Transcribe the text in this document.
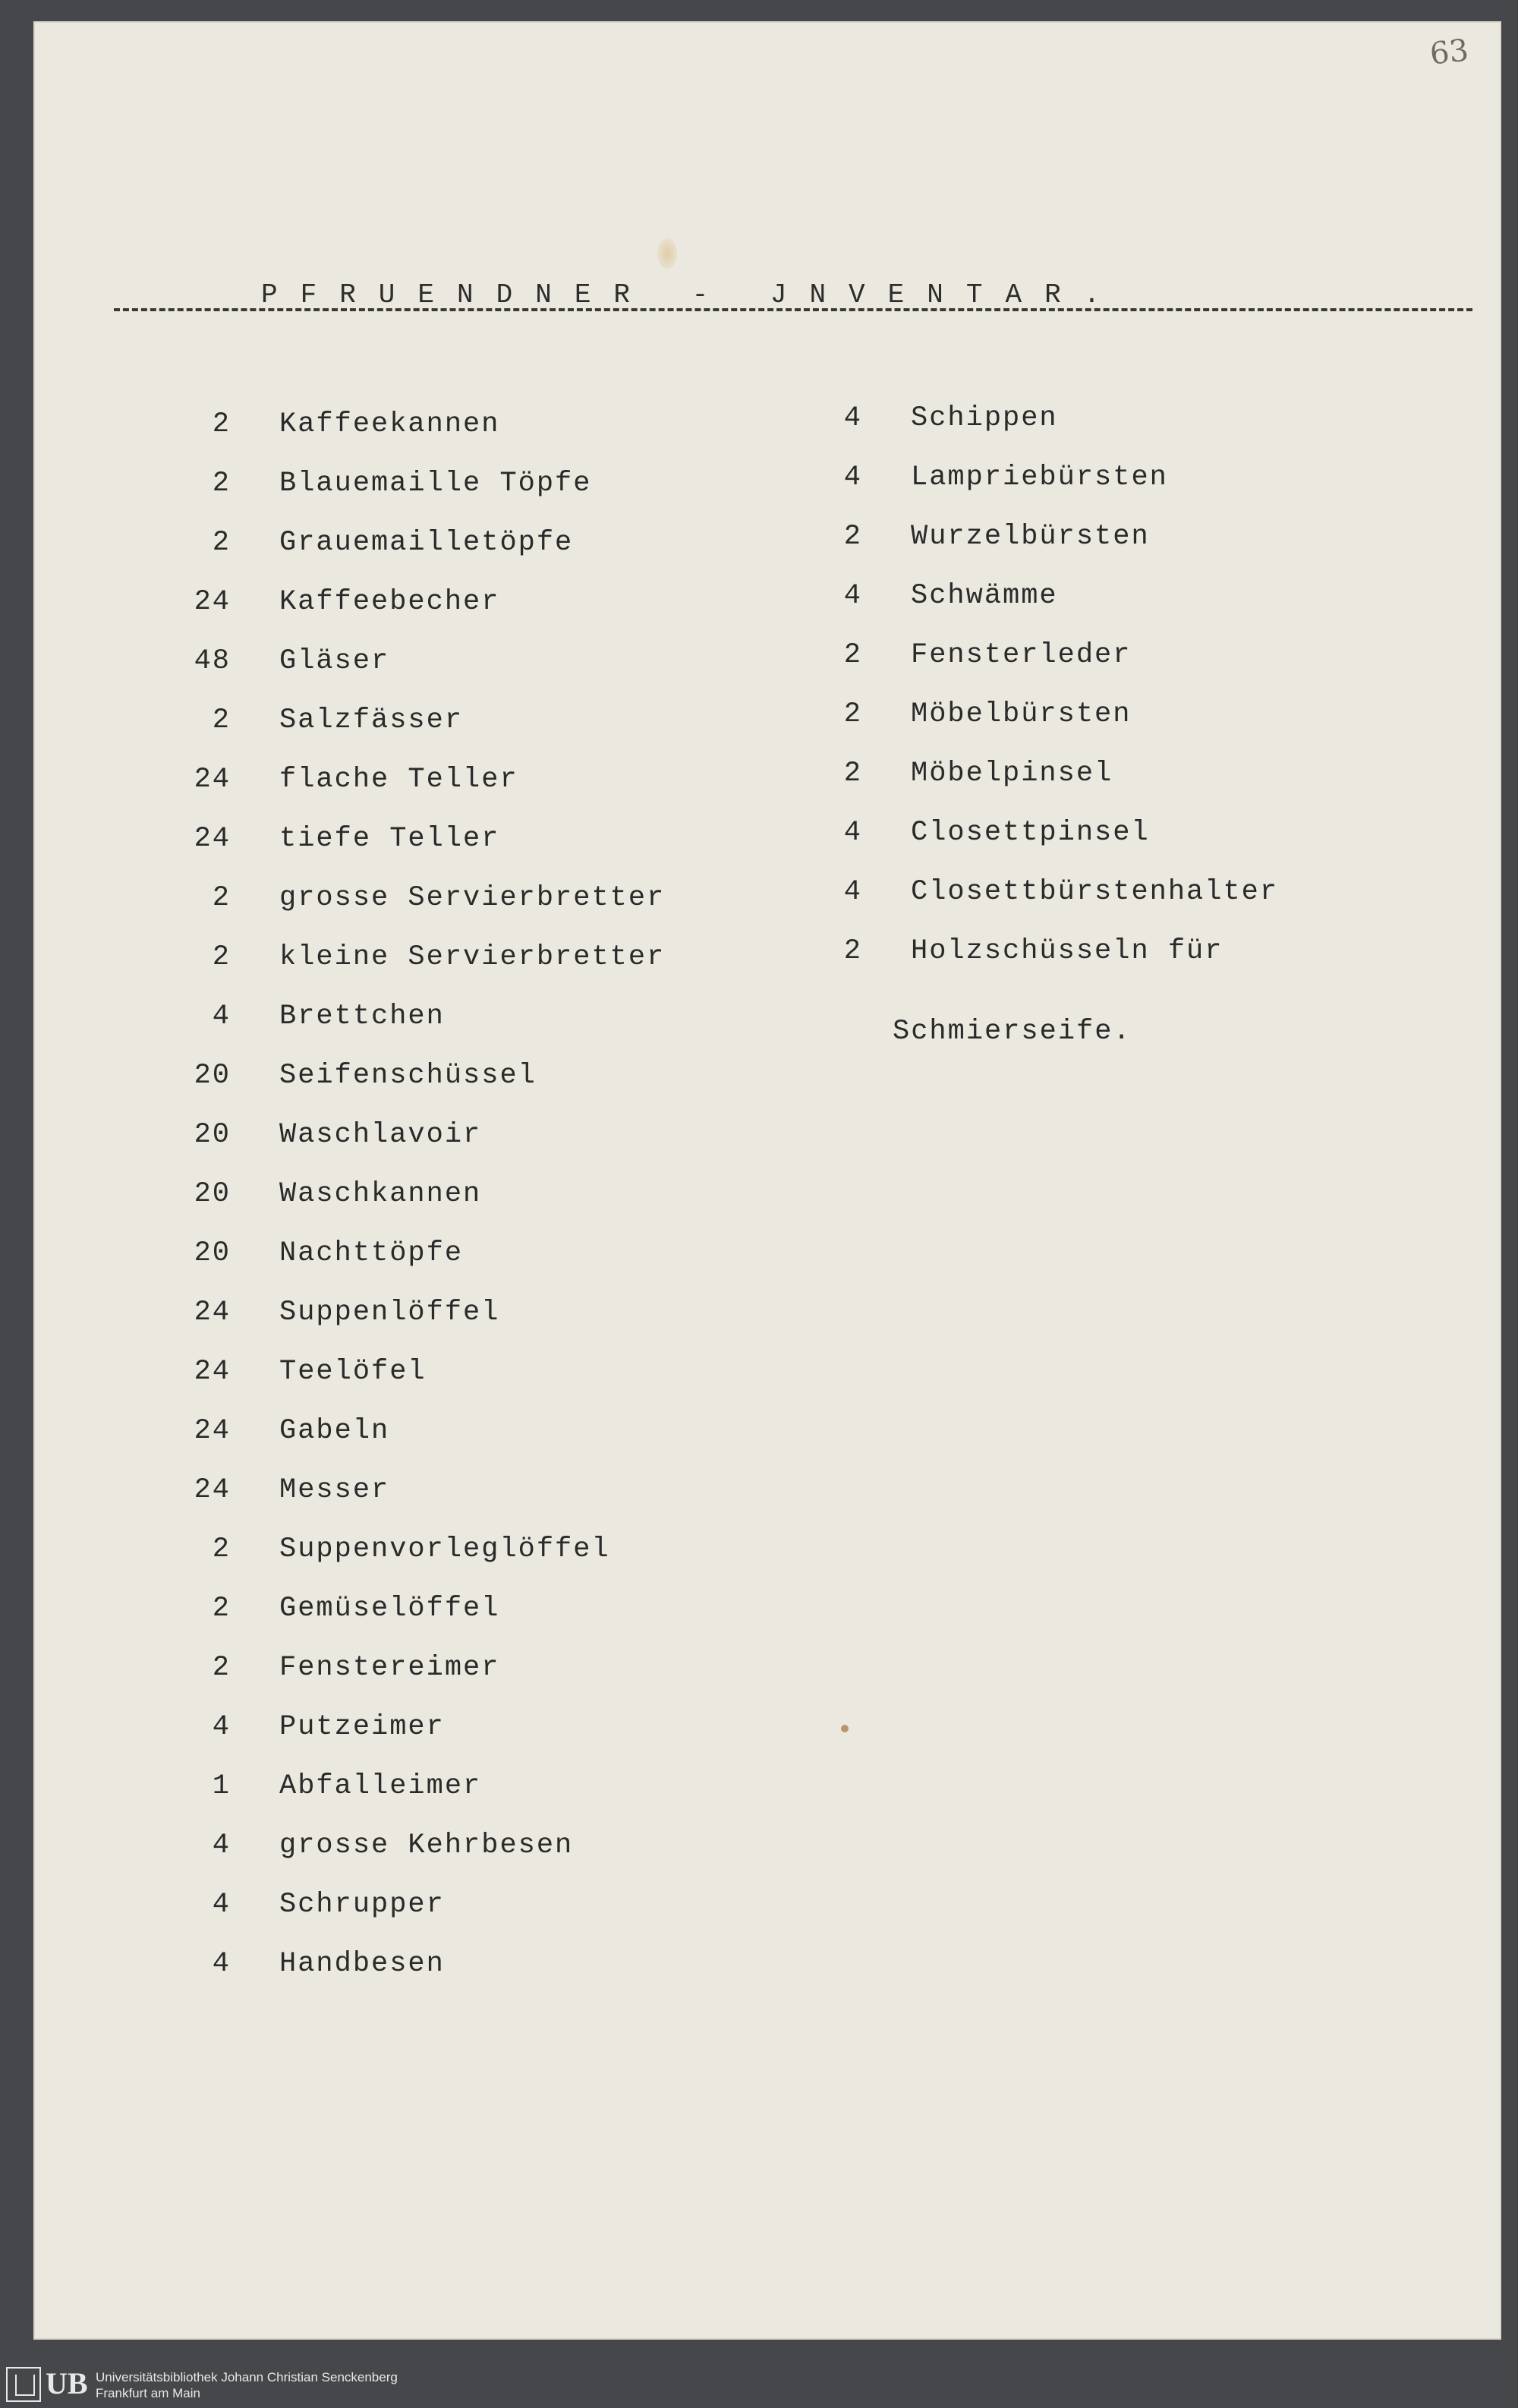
63
PFRUENDNER - JNVENTAR.
2 Kaffeekannen
2 Blauemaille Töpfe
2 Grauemailletöpfe
24 Kaffeebecher
48 Gläser
2 Salzfässer
24 flache Teller
24 tiefe Teller
2 grosse Servierbretter
2 kleine Servierbretter
4 Brettchen
20 Seifenschüssel
20 Waschlavoir
20 Waschkannen
20 Nachttöpfe
24 Suppenlöffel
24 Teelöfel
24 Gabeln
24 Messer
2 Suppenvorleglöffel
2 Gemüselöffel
2 Fenstereimer
4 Putzeimer
1 Abfalleimer
4 grosse Kehrbesen
4 Schrupper
4 Handbesen
4 Schippen
4 Lampriebürsten
2 Wurzelbürsten
4 Schwämme
2 Fensterleder
2 Möbelbürsten
2 Möbelpinsel
4 Closettpinsel
4 Closettbürstenhalter
2 Holzschüsseln für
Schmierseife.
UB Universitätsbibliothek Johann Christian Senckenberg
Frankfurt am Main
